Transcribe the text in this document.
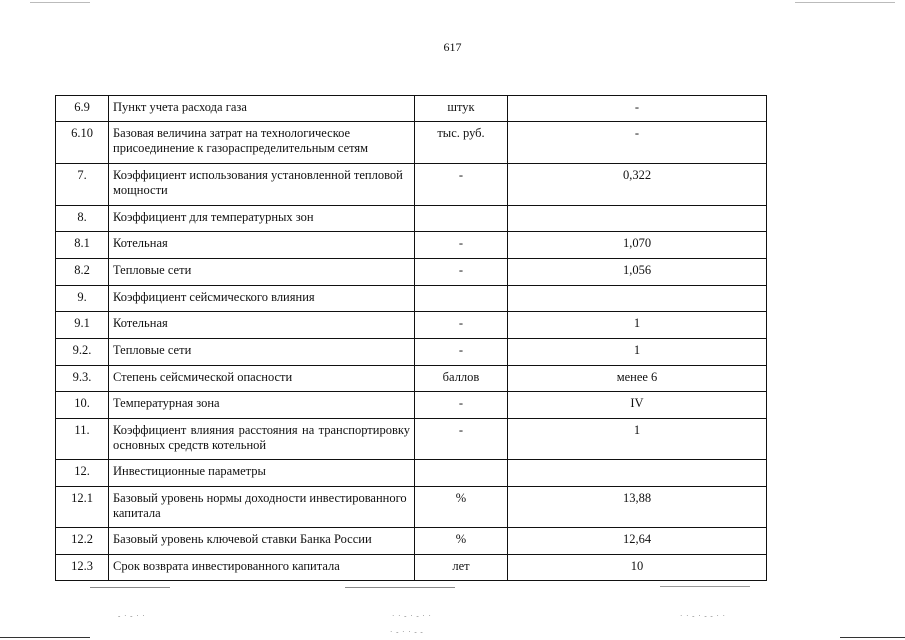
617
6.9	Пункт учета расхода газа	штук	-
6.10	Базовая величина затрат на технологическое присоединение к газораспределительным сетям	тыс. руб.	-
7.	Коэффициент использования установленной тепловой мощности	-	0,322
8.	Коэффициент для температурных зон		
8.1	Котельная	-	1,070
8.2	Тепловые сети	-	1,056
9.	Коэффициент сейсмического влияния		
9.1	Котельная	-	1
9.2.	Тепловые сети	-	1
9.3.	Степень сейсмической опасности	баллов	менее 6
10.	Температурная зона	-	IV
11.	Коэффициент влияния расстояния на транспортировку основных средств котельной	-	1
12.	Инвестиционные параметры		
12.1	Базовый уровень нормы доходности инвестированного капитала	%	13,88
12.2	Базовый уровень ключевой ставки Банка России	%	12,64
12.3	Срок возврата инвестированного капитала	лет	10
- · - · ·	· · - · - · ·	· · - · - - · ·
· - · · - -
